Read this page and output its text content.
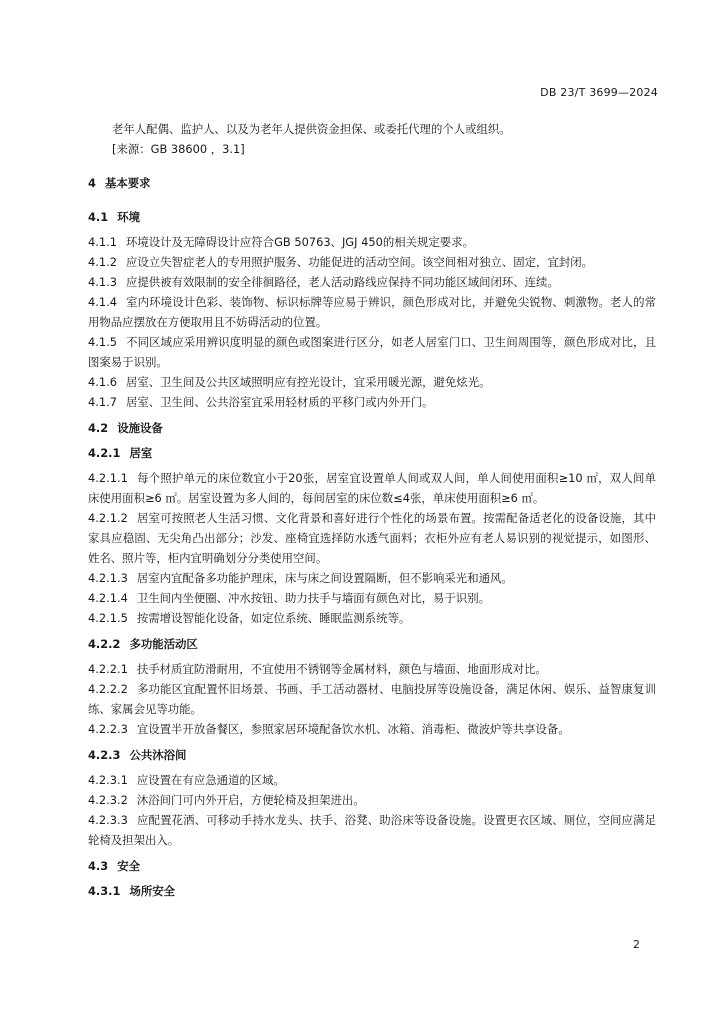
DB 23/T 3699—2024

老年人配偶、监护人、以及为老年人提供资金担保、或委托代理的个人或组织。

[来源：GB 38600 ，3.1]

4 基本要求

4.1 环境

4.1.1 环境设计及无障碍设计应符合GB 50763、JGJ 450的相关规定要求。

4.1.2 应设立失智症老人的专用照护服务、功能促进的活动空间。该空间相对独立、固定，宜封闭。

4.1.3 应提供被有效限制的安全徘徊路径，老人活动路线应保持不同功能区域间闭环、连续。

4.1.4 室内环境设计色彩、装饰物、标识标牌等应易于辨识，颜色形成对比，并避免尖锐物、刺激物。老人的常用物品应摆放在方便取用且不妨碍活动的位置。

4.1.5 不同区域应采用辨识度明显的颜色或图案进行区分，如老人居室门口、卫生间周围等，颜色形成对比，且图案易于识别。

4.1.6 居室、卫生间及公共区域照明应有控光设计，宜采用暖光源，避免炫光。

4.1.7 居室、卫生间、公共浴室宜采用轻材质的平移门或内外开门。

4.2 设施设备

4.2.1 居室

4.2.1.1 每个照护单元的床位数宜小于20张，居室宜设置单人间或双人间，单人间使用面积≥10 ㎡，双人间单床使用面积≥6 ㎡。居室设置为多人间的，每间居室的床位数≤4张，单床使用面积≥6 ㎡。

4.2.1.2 居室可按照老人生活习惯、文化背景和喜好进行个性化的场景布置。按需配备适老化的设备设施，其中家具应稳固、无尖角凸出部分；沙发、座椅宜选择防水透气面料；衣柜外应有老人易识别的视觉提示，如图形、姓名、照片等，柜内宜明确划分分类使用空间。

4.2.1.3 居室内宜配备多功能护理床，床与床之间设置隔断，但不影响采光和通风。

4.2.1.4 卫生间内坐便圈、冲水按钮、助力扶手与墙面有颜色对比，易于识别。

4.2.1.5 按需增设智能化设备，如定位系统、睡眠监测系统等。

4.2.2 多功能活动区

4.2.2.1 扶手材质宜防滑耐用，不宜使用不锈钢等金属材料，颜色与墙面、地面形成对比。

4.2.2.2 多功能区宜配置怀旧场景、书画、手工活动器材、电脑投屏等设施设备，满足休闲、娱乐、益智康复训练、家属会见等功能。

4.2.2.3 宜设置半开放备餐区，参照家居环境配备饮水机、冰箱、消毒柜、微波炉等共享设备。

4.2.3 公共沐浴间

4.2.3.1 应设置在有应急通道的区域。

4.2.3.2 沐浴间门可内外开启，方便轮椅及担架进出。

4.2.3.3 应配置花洒、可移动手持水龙头、扶手、浴凳、助浴床等设备设施。设置更衣区域、厕位，空间应满足轮椅及担架出入。

4.3 安全

4.3.1 场所安全

2
